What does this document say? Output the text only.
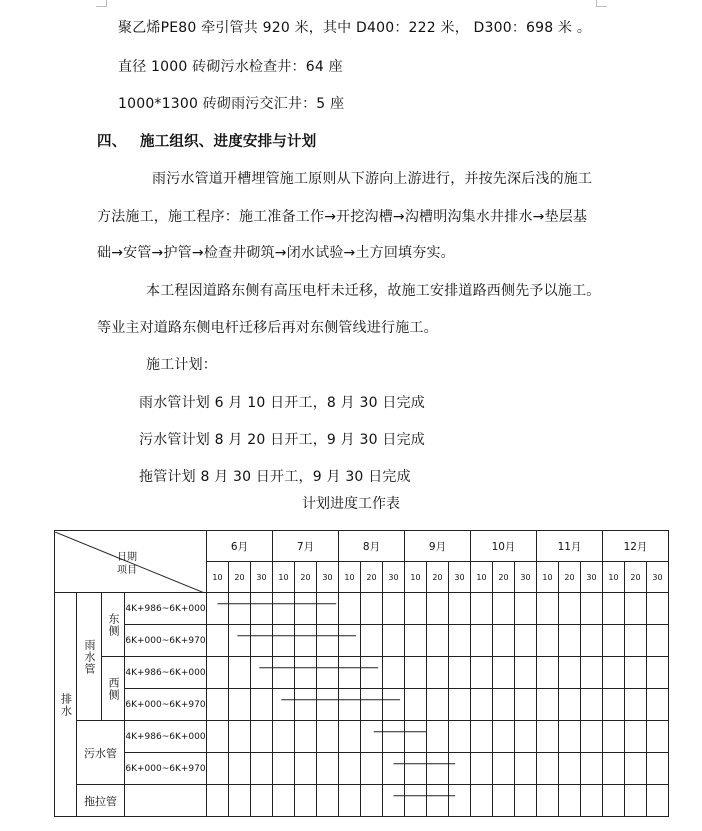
聚乙烯PE80 牵引管共 920 米，其中 D400：222 米， D300：698 米 。
直径 1000 砖砌污水检查井：64 座
1000*1300 砖砌雨污交汇井：5 座
四、 施工组织、进度安排与计划
雨污水管道开槽埋管施工原则从下游向上游进行，并按先深后浅的施工
方法施工，施工程序：施工准备工作→开挖沟槽→沟槽明沟集水井排水→垫层基
础→安管→护管→检查井砌筑→闭水试验→土方回填夯实。
本工程因道路东侧有高压电杆未迁移，故施工安排道路西侧先予以施工。
等业主对道路东侧电杆迁移后再对东侧管线进行施工。
施工计划：
雨水管计划 6 月 10 日开工，8 月 30 日完成
污水管计划 8 月 20 日开工，9 月 30 日完成
拖管计划 8 月 30 日开工，9 月 30 日完成
计划进度工作表
日期
项目				6月			7月			8月			9月			10月			11月			12月		
				10	20	30	10	20	30	10	20	30	10	20	30	10	20	30	10	20	30	10	20	30

排水	雨水管	东侧	4K+986~6K+000																					
			6K+000~6K+970																					

		西侧	4K+986~6K+000																					
			6K+000~6K+970																					
	污水管		4K+986~6K+000																					
			6K+000~6K+970																					
	拖拉管																							
